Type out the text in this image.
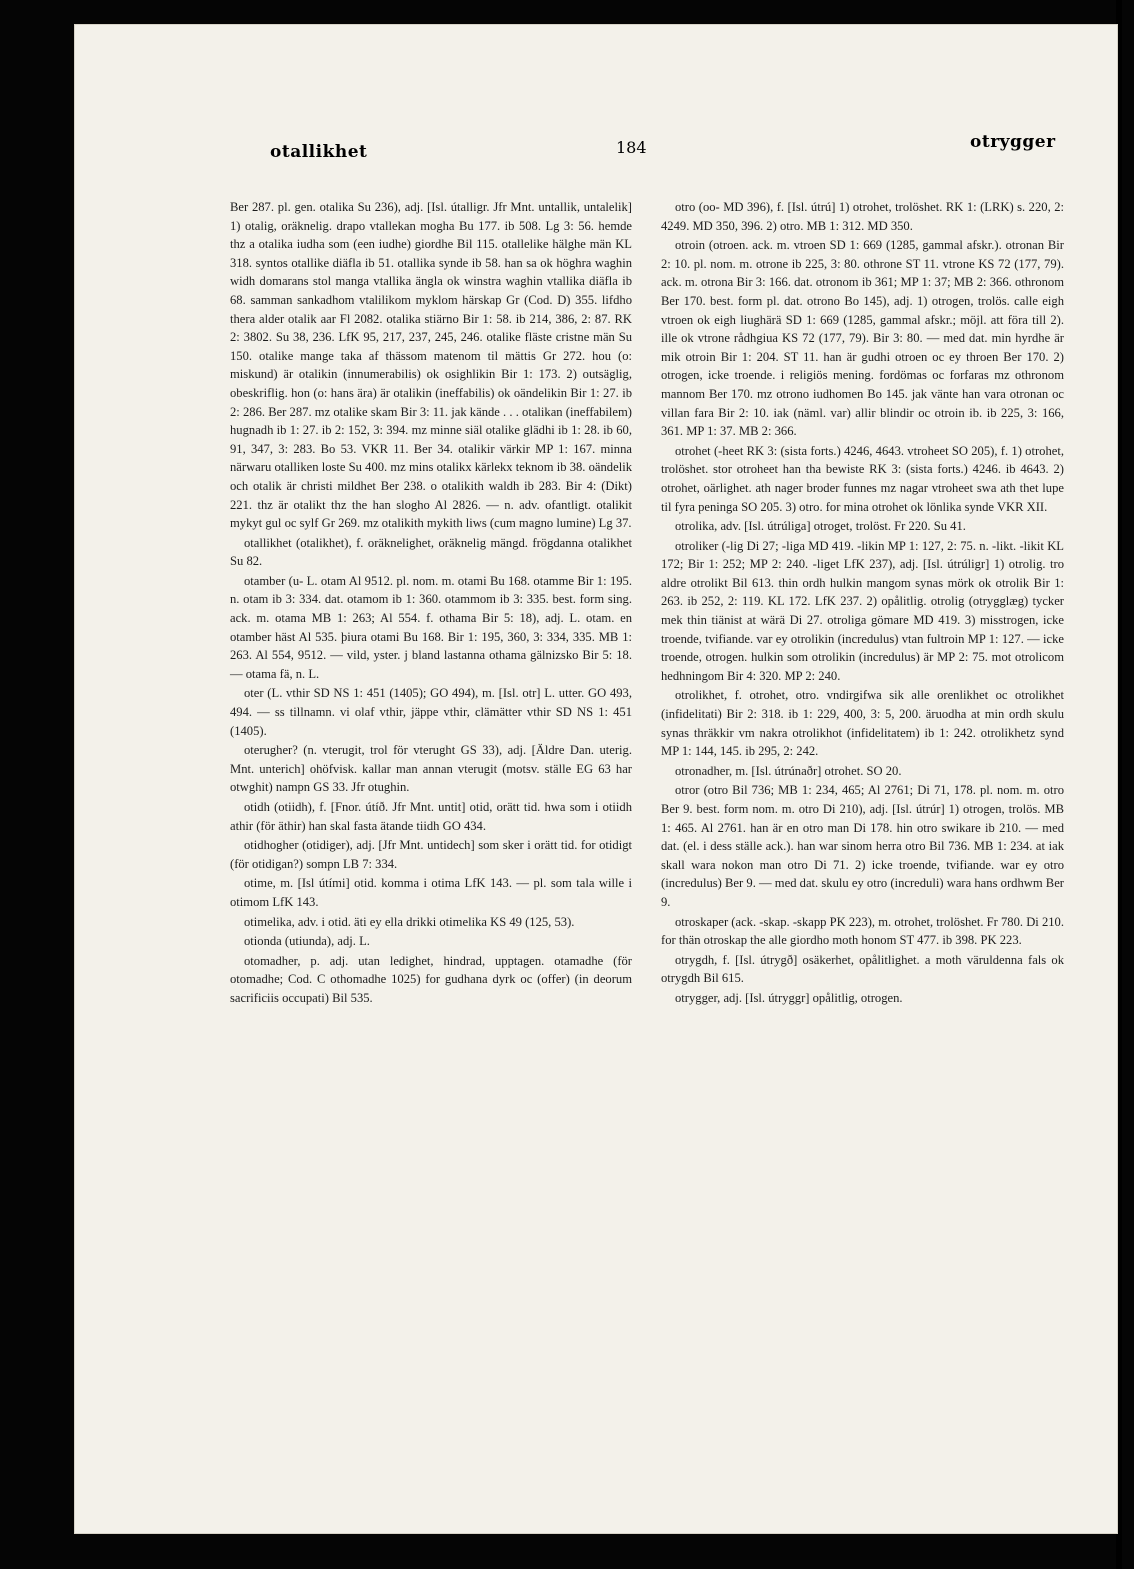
otallikhet	184	otrygger

Ber 287. pl. gen. otalika Su 236), adj. [Isl. útalligr. Jfr Mnt. untallik, untalelik] 1) otalig, oräknelig. drapo vtallekan mogha Bu 177. ib 508. Lg 3: 56. hemde thz a otalika iudha som (een iudhe) giordhe Bil 115. otallelike hälghe män KL 318. syntos otallike diäfla ib 51. otallika synde ib 58. han sa ok höghra waghin widh domarans stol manga vtallika ängla ok winstra waghin vtallika diäfla ib 68. samman sankadhom vtalilikom myklom härskap Gr (Cod. D) 355. lifdho thera alder otalik aar Fl 2082. otalika stiärno Bir 1: 58. ib 214, 386, 2: 87. RK 2: 3802. Su 38, 236. LfK 95, 217, 237, 245, 246. otalike fläste cristne män Su 150. otalike mange taka af thässom matenom til mättis Gr 272. hou (o: miskund) är otalikin (innumerabilis) ok osighlikin Bir 1: 173. 2) outsäglig, obeskriflig. hon (o: hans ära) är otalikin (ineffabilis) ok oändelikin Bir 1: 27. ib 2: 286. Ber 287. mz otalike skam Bir 3: 11. jak kände . . . otalikan (ineffabilem) hugnadh ib 1: 27. ib 2: 152, 3: 394. mz minne siäl otalike glädhi ib 1: 28. ib 60, 91, 347, 3: 283. Bo 53. VKR 11. Ber 34. otalikir värkir MP 1: 167. minna närwaru otalliken loste Su 400. mz mins otalikx kärlekx teknom ib 38. oändelik och otalik är christi mildhet Ber 238. o otalikith waldh ib 283. Bir 4: (Dikt) 221. thz är otalikt thz the han slogho Al 2826. — n. adv. ofantligt. otalikit mykyt gul oc sylf Gr 269. mz otalikith mykith liws (cum magno lumine) Lg 37.

otallikhet (otalikhet), f. oräknelighet, oräknelig mängd. frögdanna otalikhet Su 82.

otamber (u- L. otam Al 9512. pl. nom. m. otami Bu 168. otamme Bir 1: 195. n. otam ib 3: 334. dat. otamom ib 1: 360. otammom ib 3: 335. best. form sing. ack. m. otama MB 1: 263; Al 554. f. othama Bir 5: 18), adj. L. otam. en otamber häst Al 535. þiura otami Bu 168. Bir 1: 195, 360, 3: 334, 335. MB 1: 263. Al 554, 9512. — vild, yster. j bland lastanna othama gälnizsko Bir 5: 18. — otama fä, n. L.

oter (L. vthir SD NS 1: 451 (1405); GO 494), m. [Isl. otr] L. utter. GO 493, 494. — ss tillnamn. vi olaf vthir, jäppe vthir, clämätter vthir SD NS 1: 451 (1405).

oterugher? (n. vterugit, trol för vterught GS 33), adj. [Äldre Dan. uterig. Mnt. unterich] ohöfvisk. kallar man annan vterugit (motsv. ställe EG 63 har otwghit) nampn GS 33. Jfr otughin.

otidh (otiidh), f. [Fnor. útíð. Jfr Mnt. untit] otid, orätt tid. hwa som i otiidh athir (för äthir) han skal fasta ätande tiidh GO 434.

otidhogher (otidiger), adj. [Jfr Mnt. untidech] som sker i orätt tid. for otidigt (för otidigan?) sompn LB 7: 334.

otime, m. [Isl útími] otid. komma i otima LfK 143. — pl. som tala wille i otimom LfK 143.

otimelika, adv. i otid. äti ey ella drikki otimelika KS 49 (125, 53).

otionda (utiunda), adj. L.

otomadher, p. adj. utan ledighet, hindrad, upptagen. otamadhe (för otomadhe; Cod. C othomadhe 1025) for gudhana dyrk oc (offer) (in deorum sacrificiis occupati) Bil 535.

otro (oo- MD 396), f. [Isl. útrú] 1) otrohet, trolöshet. RK 1: (LRK) s. 220, 2: 4249. MD 350, 396. 2) otro. MB 1: 312. MD 350.

otroin (otroen. ack. m. vtroen SD 1: 669 (1285, gammal afskr.). otronan Bir 2: 10. pl. nom. m. otrone ib 225, 3: 80. othrone ST 11. vtrone KS 72 (177, 79). ack. m. otrona Bir 3: 166. dat. otronom ib 361; MP 1: 37; MB 2: 366. othronom Ber 170. best. form pl. dat. otrono Bo 145), adj. 1) otrogen, trolös. calle eigh vtroen ok eigh liughärä SD 1: 669 (1285, gammal afskr.; möjl. att föra till 2). ille ok vtrone rådhgiua KS 72 (177, 79). Bir 3: 80. — med dat. min hyrdhe är mik otroin Bir 1: 204. ST 11. han är gudhi otroen oc ey throen Ber 170. 2) otrogen, icke troende. i religiös mening. fordömas oc forfaras mz othronom mannom Ber 170. mz otrono iudhomen Bo 145. jak vänte han vara otronan oc villan fara Bir 2: 10. iak (näml. var) allir blindir oc otroin ib. ib 225, 3: 166, 361. MP 1: 37. MB 2: 366.

otrohet (-heet RK 3: (sista forts.) 4246, 4643. vtroheet SO 205), f. 1) otrohet, trolöshet. stor otroheet han tha bewiste RK 3: (sista forts.) 4246. ib 4643. 2) otrohet, oärlighet. ath nager broder funnes mz nagar vtroheet swa ath thet lupe til fyra peninga SO 205. 3) otro. for mina otrohet ok lönlika synde VKR XII.

otrolika, adv. [Isl. útrúliga] otroget, trolöst. Fr 220. Su 41.

otroliker (-lig Di 27; -liga MD 419. -likin MP 1: 127, 2: 75. n. -likt. -likit KL 172; Bir 1: 252; MP 2: 240. -liget LfK 237), adj. [Isl. útrúligr] 1) otrolig. tro aldre otrolikt Bil 613. thin ordh hulkin mangom synas mörk ok otrolik Bir 1: 263. ib 252, 2: 119. KL 172. LfK 237. 2) opålitlig. otrolig (otrygglæg) tycker mek thin tiänist at wärä Di 27. otroliga gömare MD 419. 3) misstrogen, icke troende, tvifiande. var ey otrolikin (incredulus) vtan fultroin MP 1: 127. — icke troende, otrogen. hulkin som otrolikin (incredulus) är MP 2: 75. mot otrolicom hedhningom Bir 4: 320. MP 2: 240.

otrolikhet, f. otrohet, otro. vndirgifwa sik alle orenlikhet oc otrolikhet (infidelitati) Bir 2: 318. ib 1: 229, 400, 3: 5, 200. äruodha at min ordh skulu synas thräkkir vm nakra otrolikhot (infidelitatem) ib 1: 242. otrolikhetz synd MP 1: 144, 145. ib 295, 2: 242.

otronadher, m. [Isl. útrúnaðr] otrohet. SO 20.

otror (otro Bil 736; MB 1: 234, 465; Al 2761; Di 71, 178. pl. nom. m. otro Ber 9. best. form nom. m. otro Di 210), adj. [Isl. útrúr] 1) otrogen, trolös. MB 1: 465. Al 2761. han är en otro man Di 178. hin otro swikare ib 210. — med dat. (el. i dess ställe ack.). han war sinom herra otro Bil 736. MB 1: 234. at iak skall wara nokon man otro Di 71. 2) icke troende, tvifiande. war ey otro (incredulus) Ber 9. — med dat. skulu ey otro (increduli) wara hans ordhwm Ber 9.

otroskaper (ack. -skap. -skapp PK 223), m. otrohet, trolöshet. Fr 780. Di 210. for thän otroskap the alle giordho moth honom ST 477. ib 398. PK 223.

otrygdh, f. [Isl. útrygð] osäkerhet, opålitlighet. a moth väruldenna fals ok otrygdh Bil 615.

otrygger, adj. [Isl. útryggr] opålitlig, otrogen.
